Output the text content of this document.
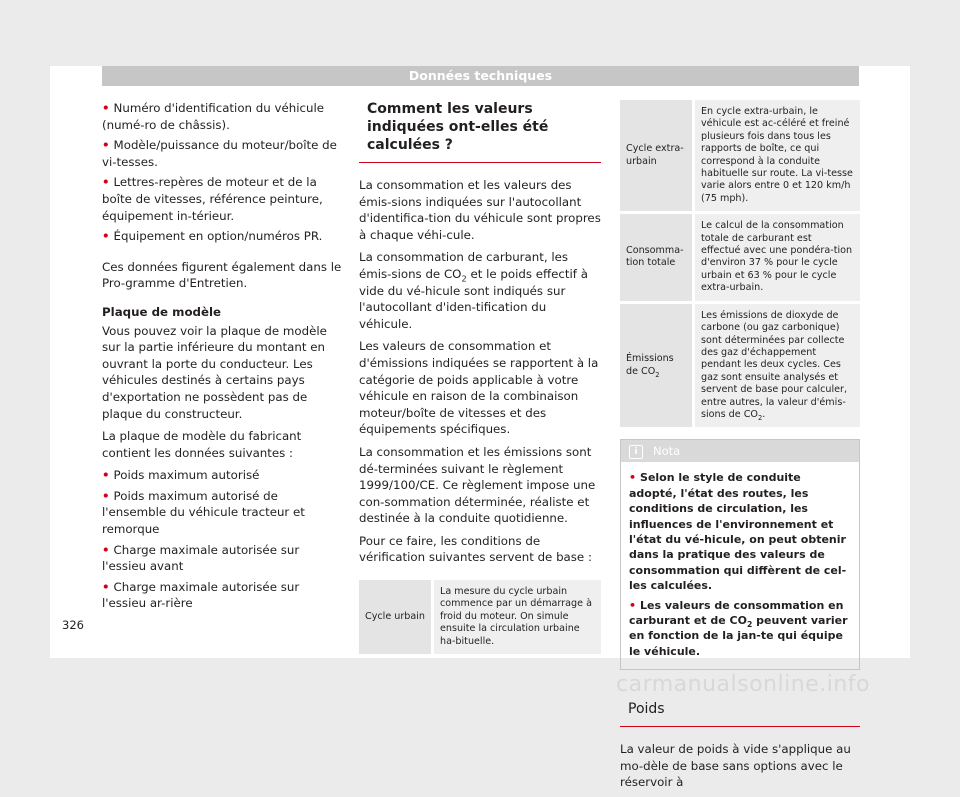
Données techniques
• Numéro d'identification du véhicule (numé-ro de châssis).
• Modèle/puissance du moteur/boîte de vi-tesses.
• Lettres-repères de moteur et de la boîte de vitesses, référence peinture, équipement in-térieur.
• Équipement en option/numéros PR.

Ces données figurent également dans le Pro-gramme d'Entretien.

Plaque de modèle

Vous pouvez voir la plaque de modèle sur la partie inférieure du montant en ouvrant la porte du conducteur. Les véhicules destinés à certains pays d'exportation ne possèdent pas de plaque du constructeur.

La plaque de modèle du fabricant contient les données suivantes :

• Poids maximum autorisé
• Poids maximum autorisé de l'ensemble du véhicule tracteur et remorque
• Charge maximale autorisée sur l'essieu avant
• Charge maximale autorisée sur l'essieu ar-rière
Comment les valeurs indiquées ont-elles été calculées ?

La consommation et les valeurs des émis-sions indiquées sur l'autocollant d'identifica-tion du véhicule sont propres à chaque véhi-cule.

La consommation de carburant, les émis-sions de $CO_2$ et le poids effectif à vide du vé-hicule sont indiqués sur l'autocollant d'iden-tification du véhicule.

Les valeurs de consommation et d'émissions indiquées se rapportent à la catégorie de poids applicable à votre véhicule en raison de la combinaison moteur/boîte de vitesses et des équipements spécifiques.

La consommation et les émissions sont dé-terminées suivant le règlement 1999/100/CE. Ce règlement impose une con-sommation déterminée, réaliste et destinée à la conduite quotidienne.

Pour ce faire, les conditions de vérification suivantes servent de base :

Cycle urbain	La mesure du cycle urbain commence par un démarrage à froid du moteur. On simule ensuite la circulation urbaine ha-bituelle.
Cycle extra-urbain	En cycle extra-urbain, le véhicule est ac-céléré et freiné plusieurs fois dans tous les rapports de boîte, ce qui correspond à la conduite habituelle sur route. La vi-tesse varie alors entre 0 et 120 km/h (75 mph).
Consomma-tion totale	Le calcul de la consommation totale de carburant est effectué avec une pondéra-tion d'environ 37 % pour le cycle urbain et 63 % pour le cycle extra-urbain.
Émissions de $CO_2$	Les émissions de dioxyde de carbone (ou gaz carbonique) sont déterminées par collecte des gaz d'échappement pendant les deux cycles. Ces gaz sont ensuite analysés et servent de base pour calculer, entre autres, la valeur d'émis-sions de $CO_2$.
i Nota
• Selon le style de conduite adopté, l'état des routes, les conditions de circulation, les influences de l'environnement et l'état du vé-hicule, on peut obtenir dans la pratique des valeurs de consommation qui diffèrent de cel-les calculées.
• Les valeurs de consommation en carburant et de $CO_2$ peuvent varier en fonction de la jan-te qui équipe le véhicule.
Poids

La valeur de poids à vide s'applique au mo-dèle de base sans options avec le réservoir à

326
carmanualsonline.info
